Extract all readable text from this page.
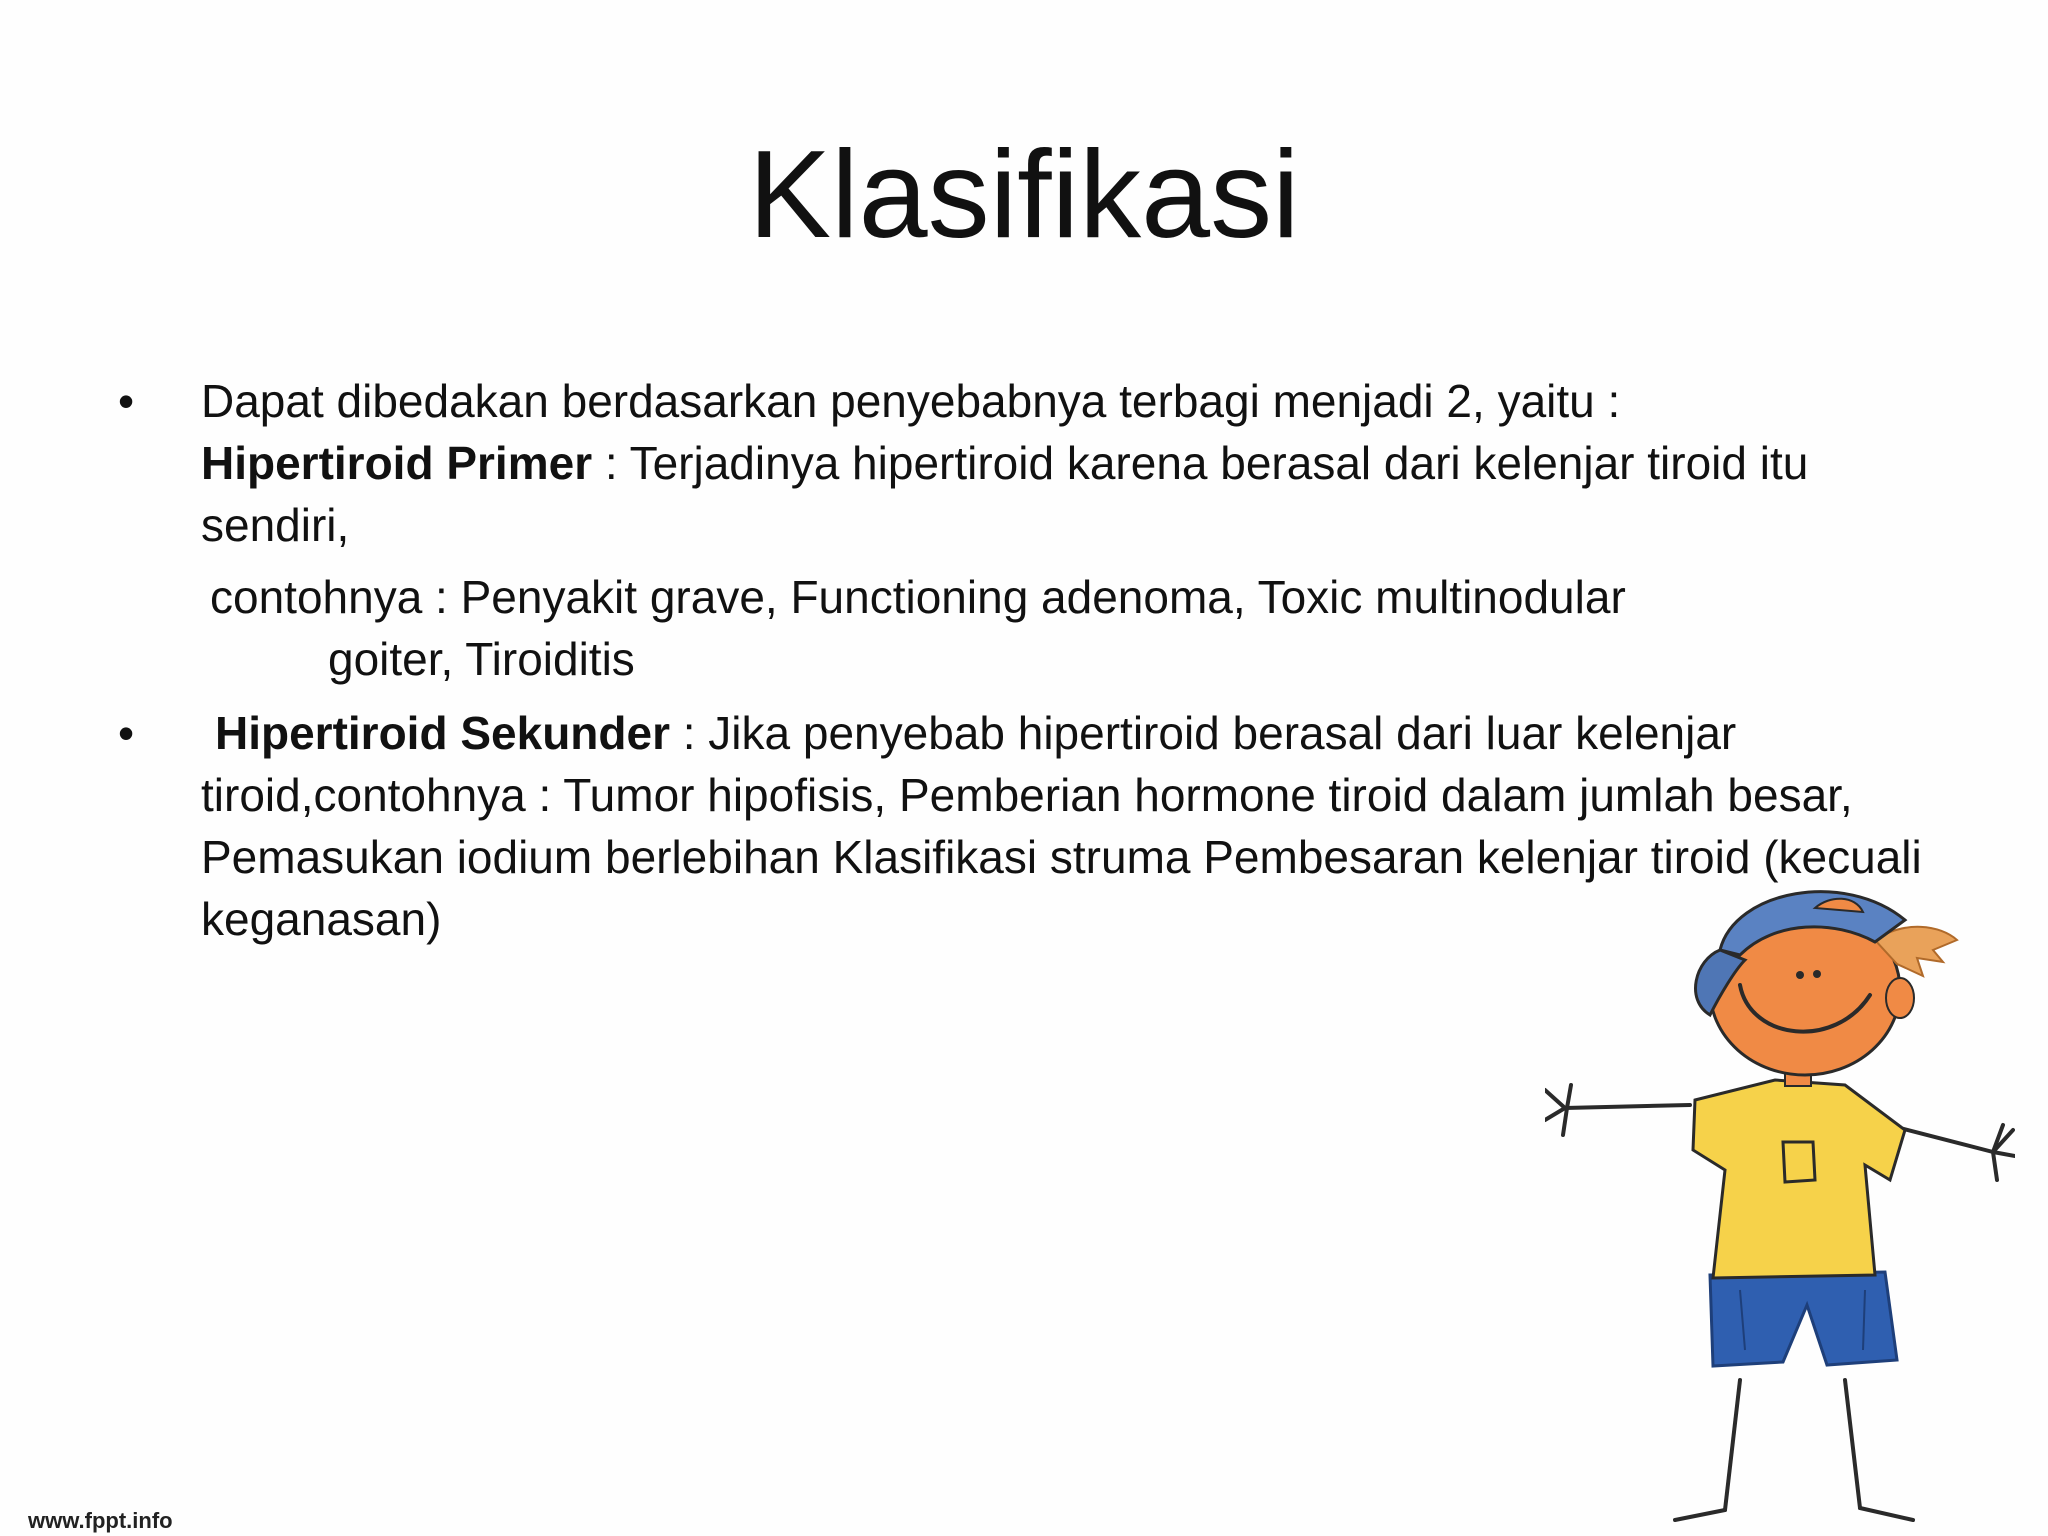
Klasifikasi
• Dapat dibedakan berdasarkan penyebabnya terbagi menjadi 2, yaitu :
Hipertiroid Primer : Terjadinya hipertiroid karena berasal dari kelenjar tiroid itu sendiri,

contohnya : Penyakit grave, Functioning adenoma, Toxic multinodular
goiter, Tiroiditis
•	Hipertiroid Sekunder : Jika penyebab hipertiroid berasal dari luar kelenjar tiroid,contohnya : Tumor hipofisis, Pemberian hormone tiroid dalam jumlah besar, Pemasukan iodium berlebihan Klasifikasi struma Pembesaran kelenjar tiroid (kecuali keganasan)

www.fppt.info
